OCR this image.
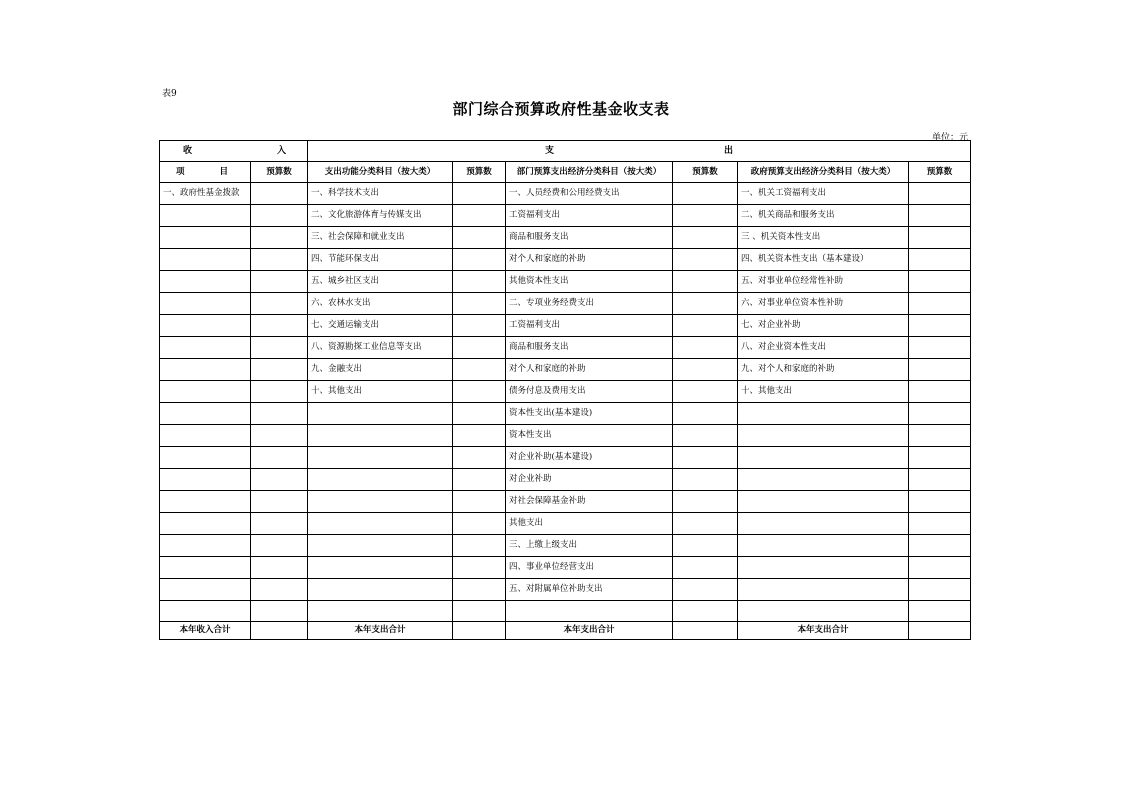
表9
部门综合预算政府性基金收支表
单位：元
收 入		支 出					

项　　目	预算数	支出功能分类科目（按大类）	预算数	部门预算支出经济分类科目（按大类）	预算数	政府预算支出经济分类科目（按大类）	预算数
一、政府性基金拨款		一、科学技术支出		一、人员经费和公用经费支出		一、机关工资福利支出	
		二、文化旅游体育与传媒支出		工资福利支出		二、机关商品和服务支出	
		三、社会保障和就业支出		商品和服务支出		三 、机关资本性支出	
		四、节能环保支出		对个人和家庭的补助		四、机关资本性支出（基本建设）	
		五、城乡社区支出		其他资本性支出		五、对事业单位经常性补助	
		六、农林水支出		二、专项业务经费支出		六、对事业单位资本性补助	
		七、交通运输支出		工资福利支出		七、对企业补助	
		八、资源勘探工业信息等支出		商品和服务支出		八、对企业资本性支出	
		九、金融支出		对个人和家庭的补助		九、对个人和家庭的补助	
		十、其他支出		债务付息及费用支出		十、其他支出	
				资本性支出(基本建设)			
				资本性支出			
				对企业补助(基本建设)			
				对企业补助			
				对社会保障基金补助			
				其他支出			
				三、上缴上级支出			
				四、事业单位经营支出			
				五、对附属单位补助支出			

本年收入合计		本年支出合计		本年支出合计		本年支出合计	
